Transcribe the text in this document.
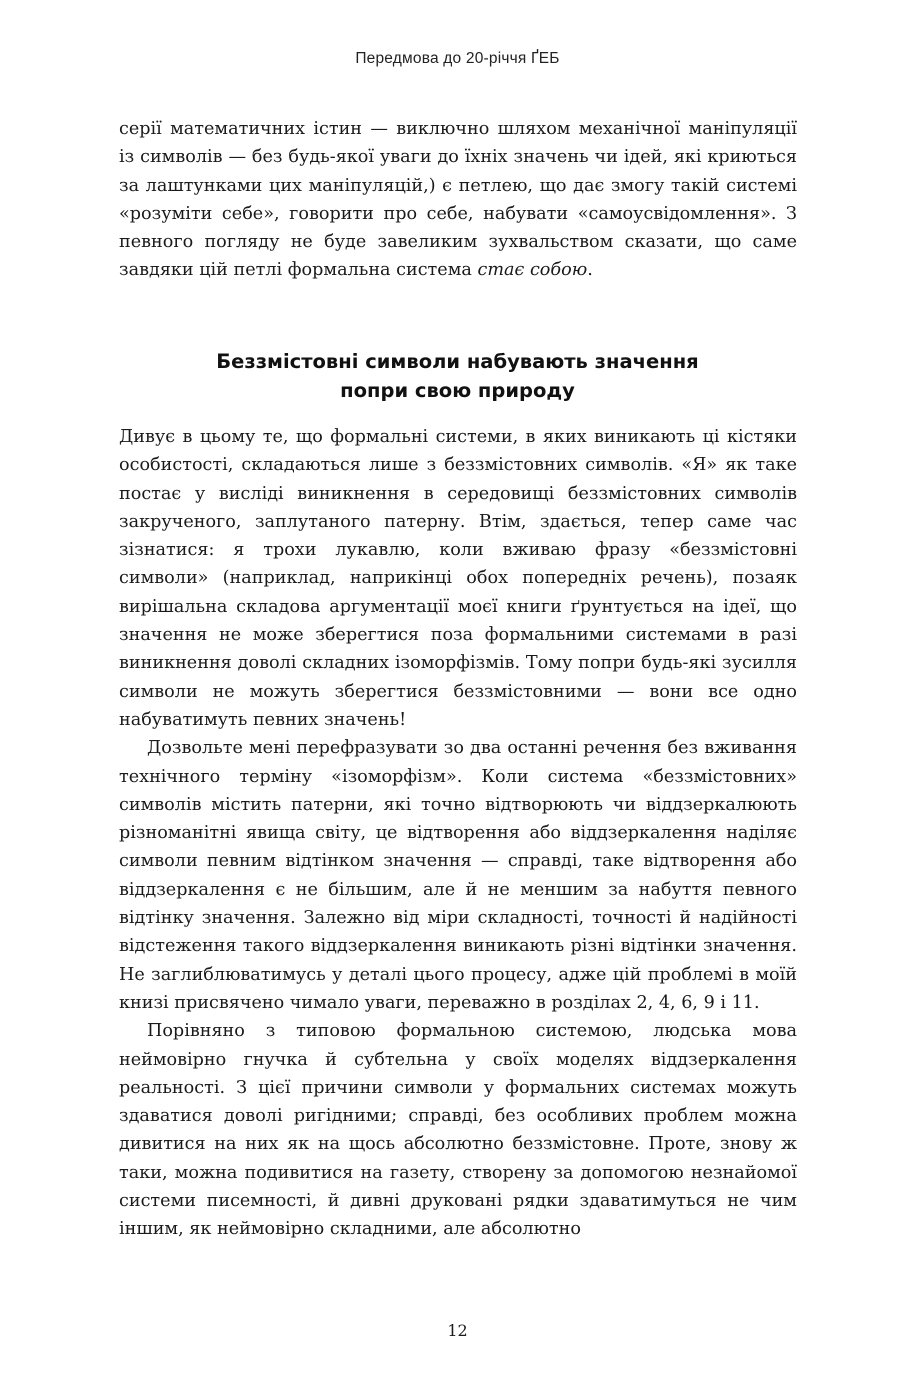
Передмова до 20-річчя ҐЕБ

серії математичних істин — виключно шляхом механічної маніпуляції із символів — без будь-якої уваги до їхніх значень чи ідей, які криються за лаштунками цих маніпуляцій,) є петлею, що дає змогу такій системі «розуміти себе», говорити про себе, набувати «самоусвідомлення». З певного погляду не буде завеликим зухвальством сказати, що саме завдяки цій петлі формальна система стає собою.

Беззмістовні символи набувають значення
попри свою природу

Дивує в цьому те, що формальні системи, в яких виникають ці кістяки особистості, складаються лише з беззмістовних символів. «Я» як таке постає у висліді виникнення в середовищі беззмістовних символів закрученого, заплутаного патерну. Втім, здається, тепер саме час зізнатися: я трохи лукавлю, коли вживаю фразу «беззмістовні символи» (наприклад, наприкінці обох попередніх речень), позаяк вирішальна складова аргументації моєї книги ґрунтується на ідеї, що значення не може зберегтися поза формальними системами в разі виникнення доволі складних ізоморфізмів. Тому попри будь-які зусилля символи не можуть зберегтися беззмістовними — вони все одно набуватимуть певних значень!

Дозвольте мені перефразувати зо два останні речення без вживання технічного терміну «ізоморфізм». Коли система «беззмістовних» символів містить патерни, які точно відтворюють чи віддзеркалюють різноманітні явища світу, це відтворення або віддзеркалення наділяє символи певним відтінком значення — справді, таке відтворення або віддзеркалення є не більшим, але й не меншим за набуття певного відтінку значення. Залежно від міри складності, точності й надійності відстеження такого віддзеркалення виникають різні відтінки значення. Не заглиблюватимусь у деталі цього процесу, адже цій проблемі в моїй книзі присвячено чимало уваги, переважно в розділах 2, 4, 6, 9 і 11.

Порівняно з типовою формальною системою, людська мова неймовірно гнучка й субтельна у своїх моделях віддзеркалення реальності. З цієї причини символи у формальних системах можуть здаватися доволі ригідними; справді, без особливих проблем можна дивитися на них як на щось абсолютно беззмістовне. Проте, знову ж таки, можна подивитися на газету, створену за допомогою незнайомої системи писемності, й дивні друковані рядки здаватимуться не чим іншим, як неймовірно складними, але абсолютно

12
